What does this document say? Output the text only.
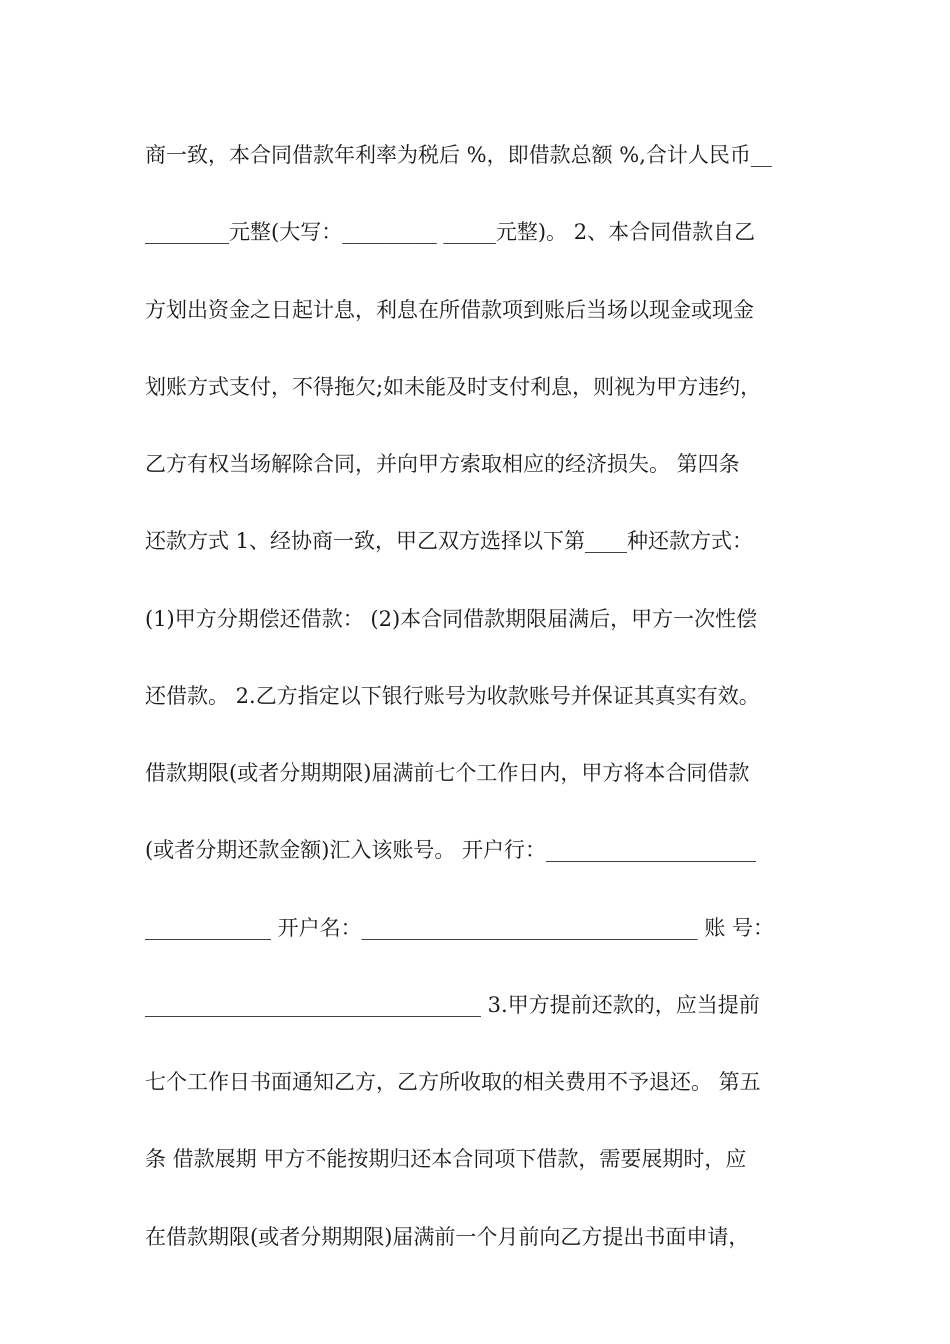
商一致，本合同借款年利率为税后 %，即借款总额 %,合计人民币__
________元整(大写：_________ _____元整)。 2、本合同借款自乙
方划出资金之日起计息，利息在所借款项到账后当场以现金或现金
划账方式支付，不得拖欠;如未能及时支付利息，则视为甲方违约，
乙方有权当场解除合同，并向甲方索取相应的经济损失。 第四条
还款方式 1、经协商一致，甲乙双方选择以下第____种还款方式：
(1)甲方分期偿还借款： (2)本合同借款期限届满后，甲方一次性偿
还借款。 2.乙方指定以下银行账号为收款账号并保证其真实有效。
借款期限(或者分期期限)届满前七个工作日内，甲方将本合同借款
(或者分期还款金额)汇入该账号。 开户行：____________________
____________ 开户名：________________________________ 账 号：
________________________________ 3.甲方提前还款的，应当提前
七个工作日书面通知乙方，乙方所收取的相关费用不予退还。 第五
条 借款展期 甲方不能按期归还本合同项下借款，需要展期时，应
在借款期限(或者分期期限)届满前一个月前向乙方提出书面申请，
